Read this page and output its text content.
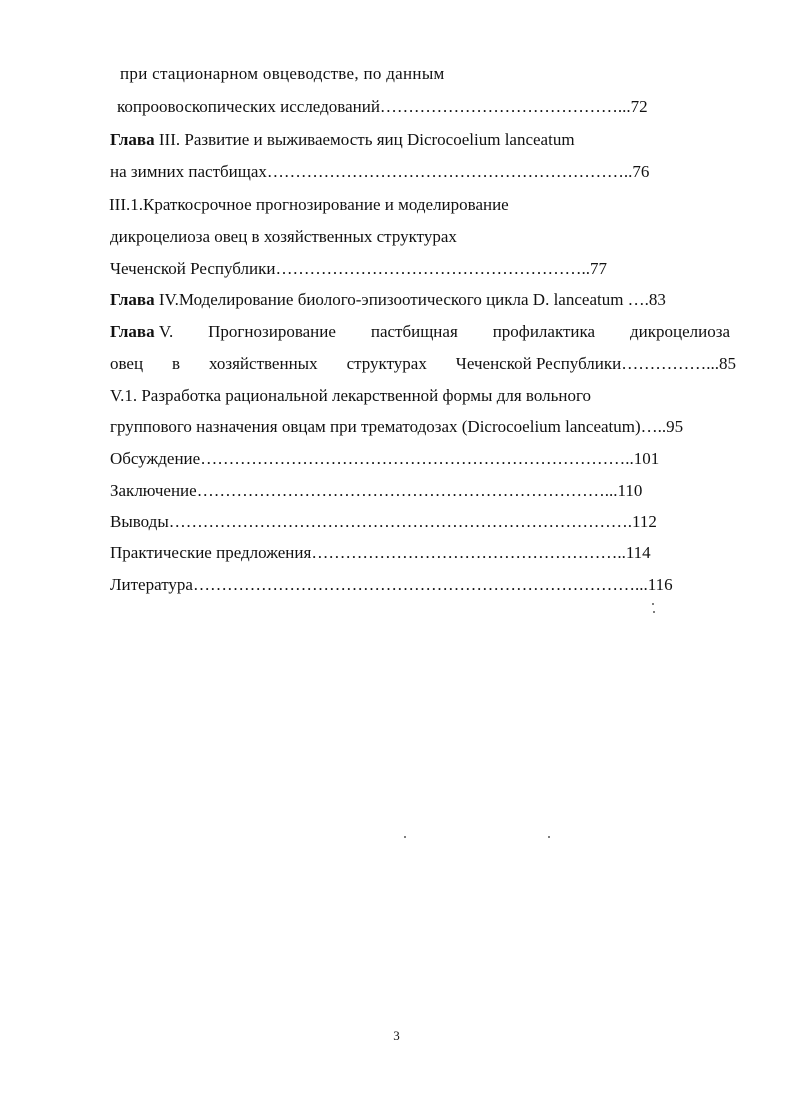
при стационарном овцеводстве, по данным
копроовоскопических исследований……………………………………...72
Глава III. Развитие и выживаемость яиц Dicrocoelium lanceatum
на зимних пастбищах………………………………………………………..76
III.1.Краткосрочное прогнозирование и моделирование
дикроцелиоза овец в хозяйственных структурах
Чеченской Республики………………………………………………..77
Глава IV.Моделирование биолого-эпизоотического цикла D. lanceatum ….83
Глава V. Прогнозирование пастбищная профилактика дикроцелиоза
овец в хозяйственных структурах Чеченской Республики……………...85
V.1. Разработка рациональной лекарственной формы для вольного
группового назначения овцам при трематодозах (Dicrocoelium lanceatum)…..95
Обсуждение…………………………………………………………………..101
Заключение………………………………………………………………...110
Выводы……………………………………………………………………….112
Практические предложения………………………………………………..114
Литература……………………………………………………………………...116
3
